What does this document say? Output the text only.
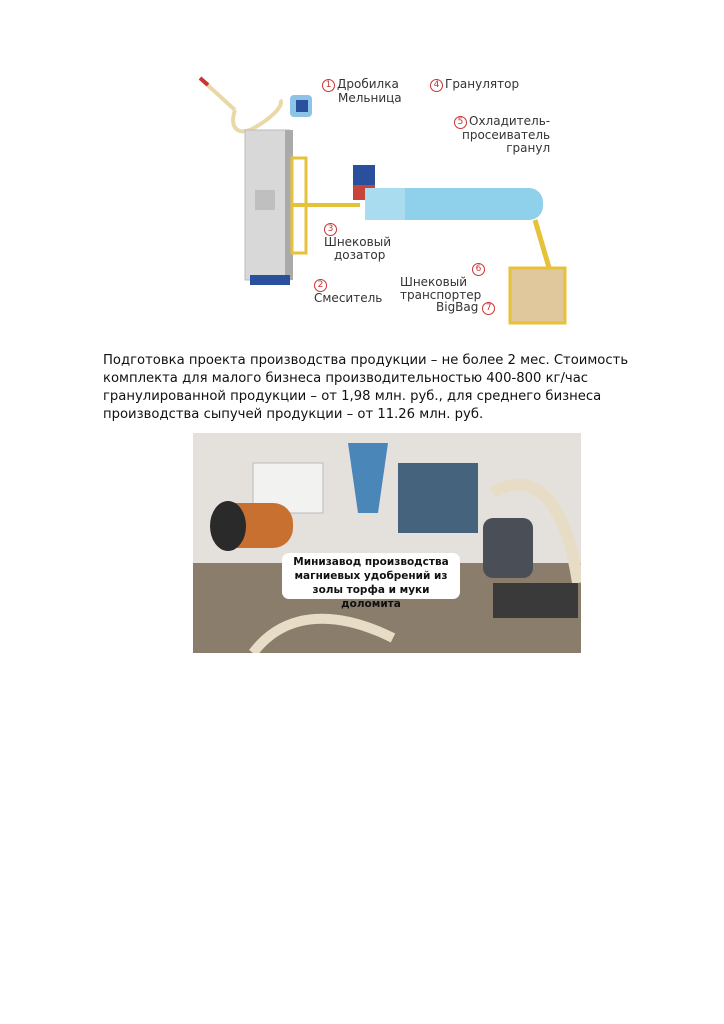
1 Дробилка
Мельница
2
Смеситель
3
Шнековый
дозатор
4 Гранулятор
5 Охладитель-
просеиватель
гранул
6
Шнековый
транспортер
BigBag 7

Подготовка проекта производства продукции – не более 2 мес. Стоимость комплекта для малого бизнеса производительностью 400-800 кг/час гранулированной продукции – от 1,98 млн. руб., для среднего бизнеса производства сыпучей продукции – от 11.26 млн. руб.

Минизавод производства
магниевых удобрений из
золы торфа и муки доломита
